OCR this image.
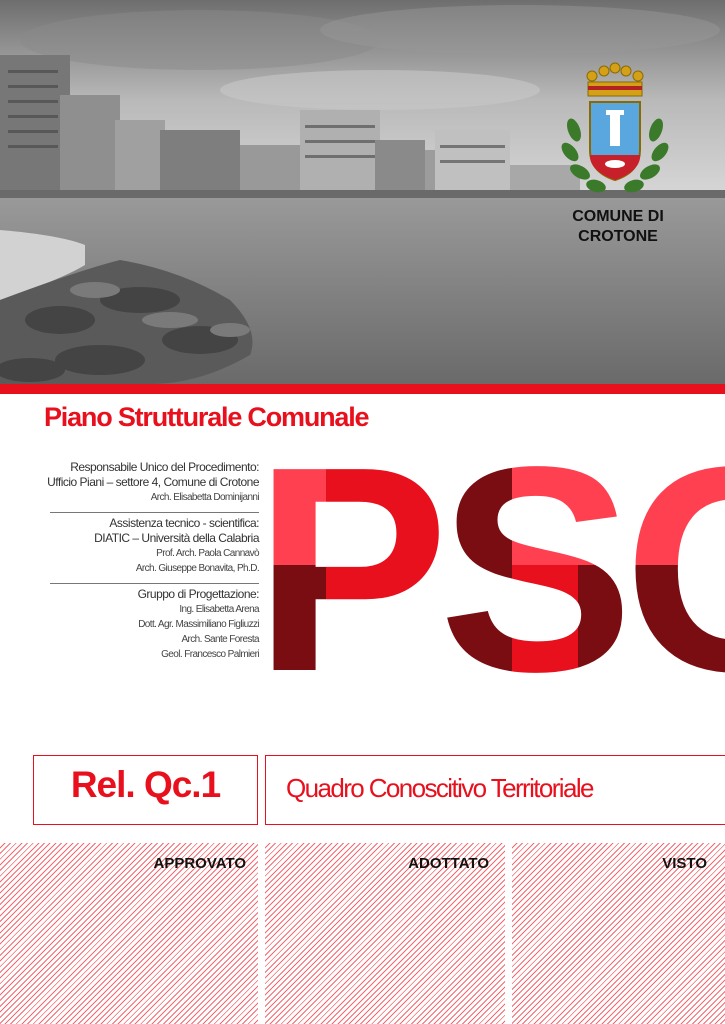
COMUNE DI CROTONE
Piano Strutturale Comunale
Responsabile Unico del Procedimento:
Ufficio Piani – settore 4, Comune di Crotone
Arch. Elisabetta Dominijanni
Assistenza tecnico - scientifica:
DIATIC – Università della Calabria
Prof. Arch. Paola Cannavò
Arch. Giuseppe Bonavita, Ph.D.
Gruppo di Progettazione:
Ing. Elisabetta Arena
Dott. Agr. Massimiliano Figliuzzi
Arch. Sante Foresta
Geol. Francesco Palmieri
Rel. Qc.1	Quadro Conoscitivo Territoriale
APPROVATO	ADOTTATO	VISTO
